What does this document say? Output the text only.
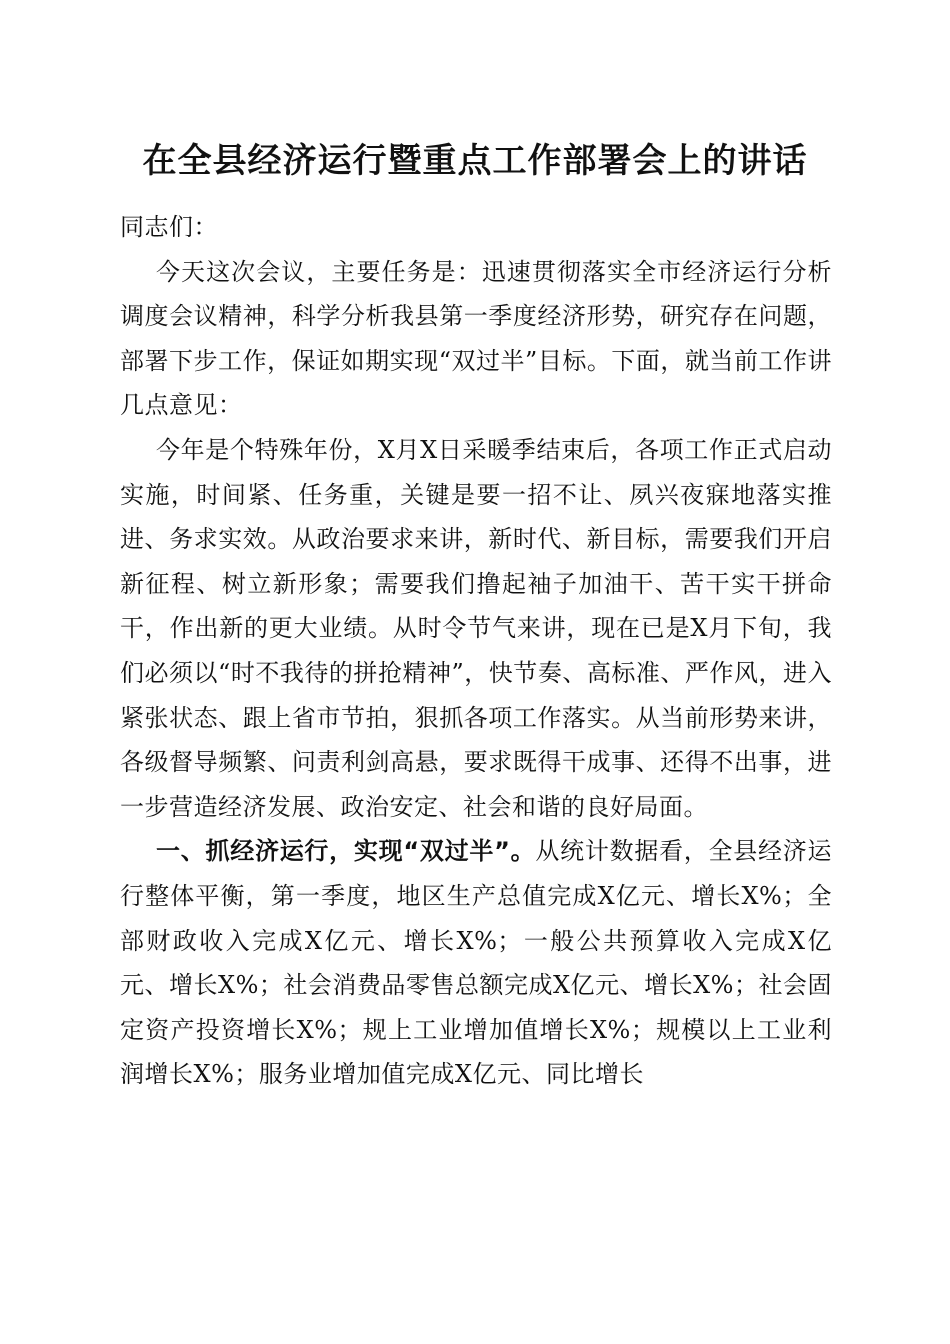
在全县经济运行暨重点工作部署会上的讲话

同志们：

今天这次会议，主要任务是：迅速贯彻落实全市经济运行分析调度会议精神，科学分析我县第一季度经济形势，研究存在问题，部署下步工作，保证如期实现“双过半”目标。下面，就当前工作讲几点意见：

今年是个特殊年份，X月X日采暖季结束后，各项工作正式启动实施，时间紧、任务重，关键是要一招不让、夙兴夜寐地落实推进、务求实效。从政治要求来讲，新时代、新目标，需要我们开启新征程、树立新形象；需要我们撸起袖子加油干、苦干实干拼命干，作出新的更大业绩。从时令节气来讲，现在已是X月下旬，我们必须以“时不我待的拼抢精神”，快节奏、高标准、严作风，进入紧张状态、跟上省市节拍，狠抓各项工作落实。从当前形势来讲，各级督导频繁、问责利剑高悬，要求既得干成事、还得不出事，进一步营造经济发展、政治安定、社会和谐的良好局面。

一、抓经济运行，实现“双过半”。从统计数据看，全县经济运行整体平衡，第一季度，地区生产总值完成X亿元、增长X%；全部财政收入完成X亿元、增长X%；一般公共预算收入完成X亿元、增长X%；社会消费品零售总额完成X亿元、增长X%；社会固定资产投资增长X%；规上工业增加值增长X%；规模以上工业利润增长X%；服务业增加值完成X亿元、同比增长
